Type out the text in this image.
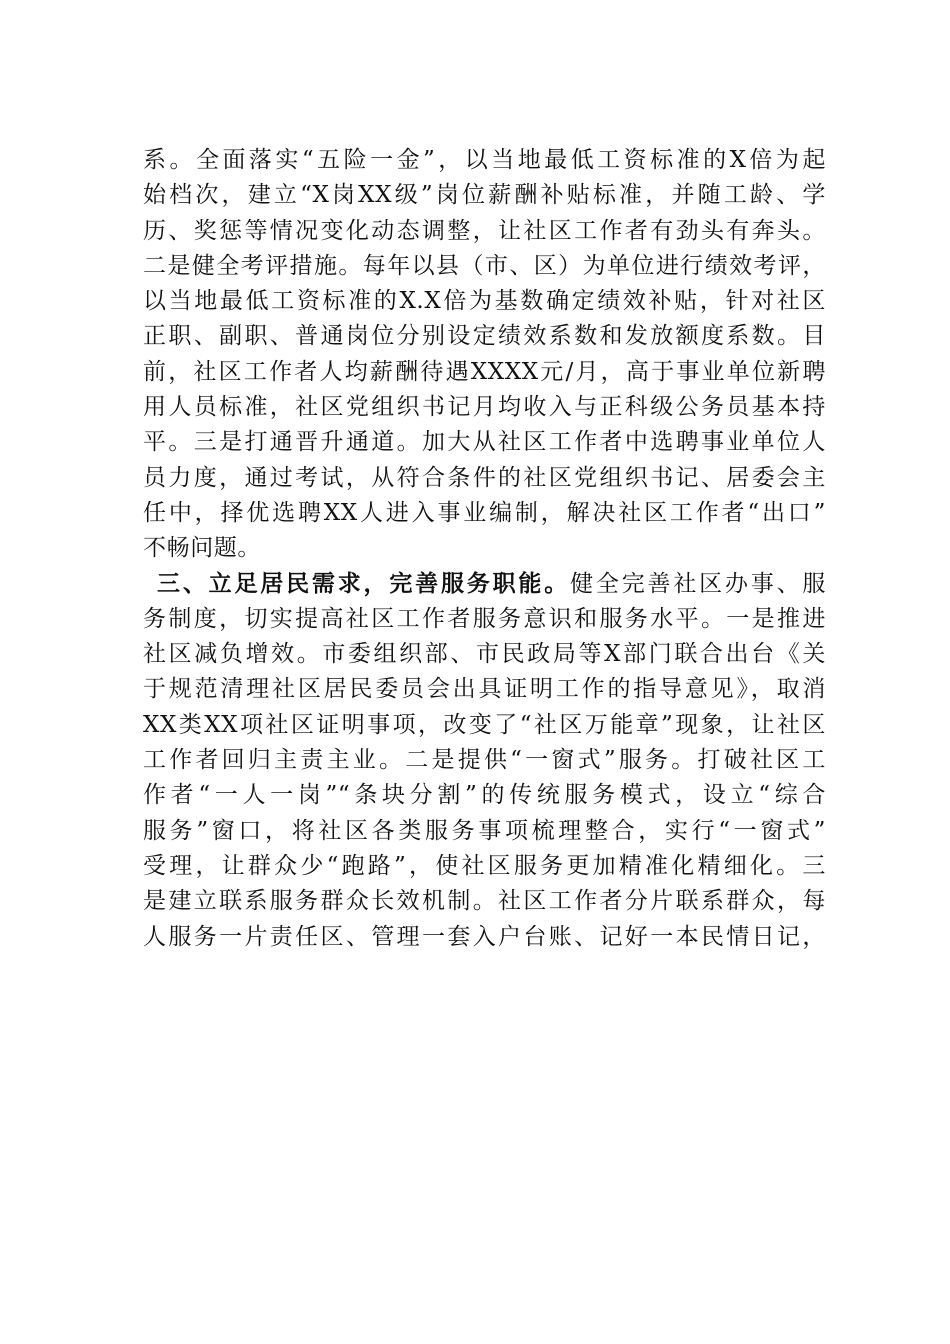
系。全面落实“五险一金”，以当地最低工资标准的X倍为起
始档次，建立“X岗XX级”岗位薪酬补贴标准，并随工龄、学
历、奖惩等情况变化动态调整，让社区工作者有劲头有奔头。
二是健全考评措施。每年以县（市、区）为单位进行绩效考评，
以当地最低工资标准的X.X倍为基数确定绩效补贴，针对社区
正职、副职、普通岗位分别设定绩效系数和发放额度系数。目
前，社区工作者人均薪酬待遇XXXX元/月，高于事业单位新聘
用人员标准，社区党组织书记月均收入与正科级公务员基本持
平。三是打通晋升通道。加大从社区工作者中选聘事业单位人
员力度，通过考试，从符合条件的社区党组织书记、居委会主
任中，择优选聘XX人进入事业编制，解决社区工作者“出口”
不畅问题。
三、立足居民需求，完善服务职能。健全完善社区办事、服
务制度，切实提高社区工作者服务意识和服务水平。一是推进
社区减负增效。市委组织部、市民政局等X部门联合出台《关
于规范清理社区居民委员会出具证明工作的指导意见》，取消
XX类XX项社区证明事项，改变了“社区万能章”现象，让社区
工作者回归主责主业。二是提供“一窗式”服务。打破社区工
作者“一人一岗”“条块分割”的传统服务模式，设立“综合
服务”窗口，将社区各类服务事项梳理整合，实行“一窗式”
受理，让群众少“跑路”，使社区服务更加精准化精细化。三
是建立联系服务群众长效机制。社区工作者分片联系群众，每
人服务一片责任区、管理一套入户台账、记好一本民情日记，
